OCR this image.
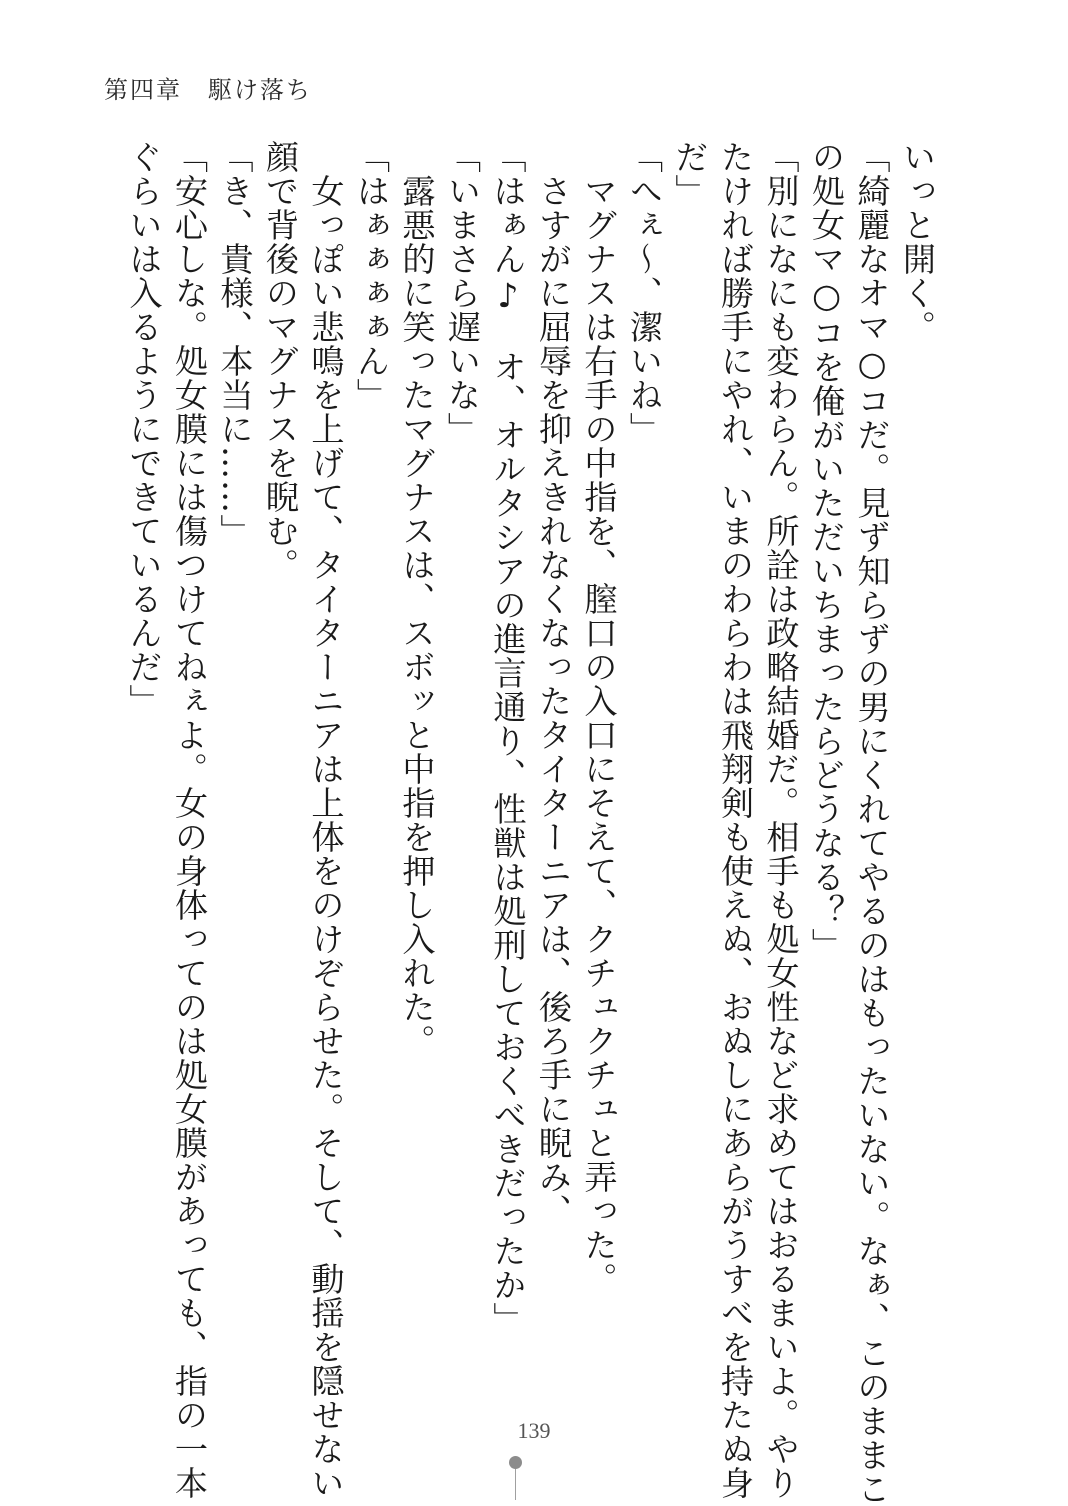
第四章　駆け落ち
いっと開く。
「綺麗なオマ○コだ。見ず知らずの男にくれてやるのはもったいない。なぁ、このままこ
の処女マ○コを俺がいただいちまったらどうなる？」
「別になにも変わらん。所詮は政略結婚だ。相手も処女性など求めてはおるまいよ。やり
たければ勝手にやれ、いまのわらわは飛翔剣も使えぬ、おぬしにあらがうすべを持たぬ身
だ」
「へぇ～、潔いね」
　マグナスは右手の中指を、膣口の入口にそえて、クチュクチュと弄った。
　さすがに屈辱を抑えきれなくなったタイターニアは、後ろ手に睨み、
「はぁん♪　オ、オルタシアの進言通り、性獣は処刑しておくべきだったか」
「いまさら遅いな」
　露悪的に笑ったマグナスは、スボッと中指を押し入れた。
「はぁぁぁぁん」
　女っぽい悲鳴を上げて、タイターニアは上体をのけぞらせた。そして、動揺を隠せない
顔で背後のマグナスを睨む。
「き、貴様、本当に……」
「安心しな。処女膜には傷つけてねぇよ。女の身体ってのは処女膜があっても、指の一本
ぐらいは入るようにできているんだ」
139
